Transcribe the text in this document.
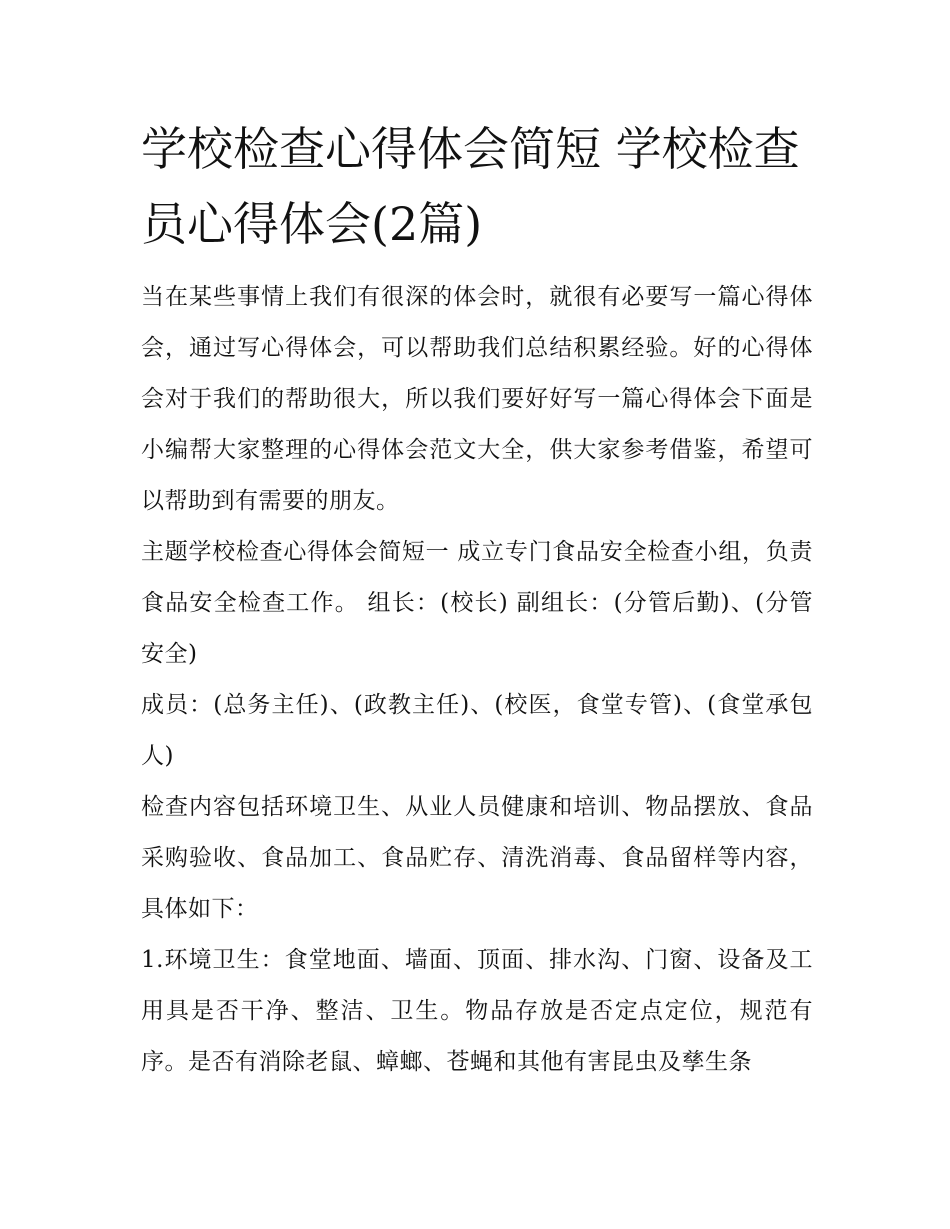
学校检查心得体会简短 学校检查员心得体会(2篇)

当在某些事情上我们有很深的体会时，就很有必要写一篇心得体会，通过写心得体会，可以帮助我们总结积累经验。好的心得体会对于我们的帮助很大，所以我们要好好写一篇心得体会下面是小编帮大家整理的心得体会范文大全，供大家参考借鉴，希望可以帮助到有需要的朋友。

主题学校检查心得体会简短一 成立专门食品安全检查小组，负责食品安全检查工作。 组长：(校长) 副组长：(分管后勤)、(分管安全)

成员：(总务主任)、(政教主任)、(校医，食堂专管)、(食堂承包人)

检查内容包括环境卫生、从业人员健康和培训、物品摆放、食品采购验收、食品加工、食品贮存、清洗消毒、食品留样等内容，具体如下：

1.环境卫生：食堂地面、墙面、顶面、排水沟、门窗、设备及工用具是否干净、整洁、卫生。物品存放是否定点定位，规范有序。是否有消除老鼠、蟑螂、苍蝇和其他有害昆虫及孳生条
